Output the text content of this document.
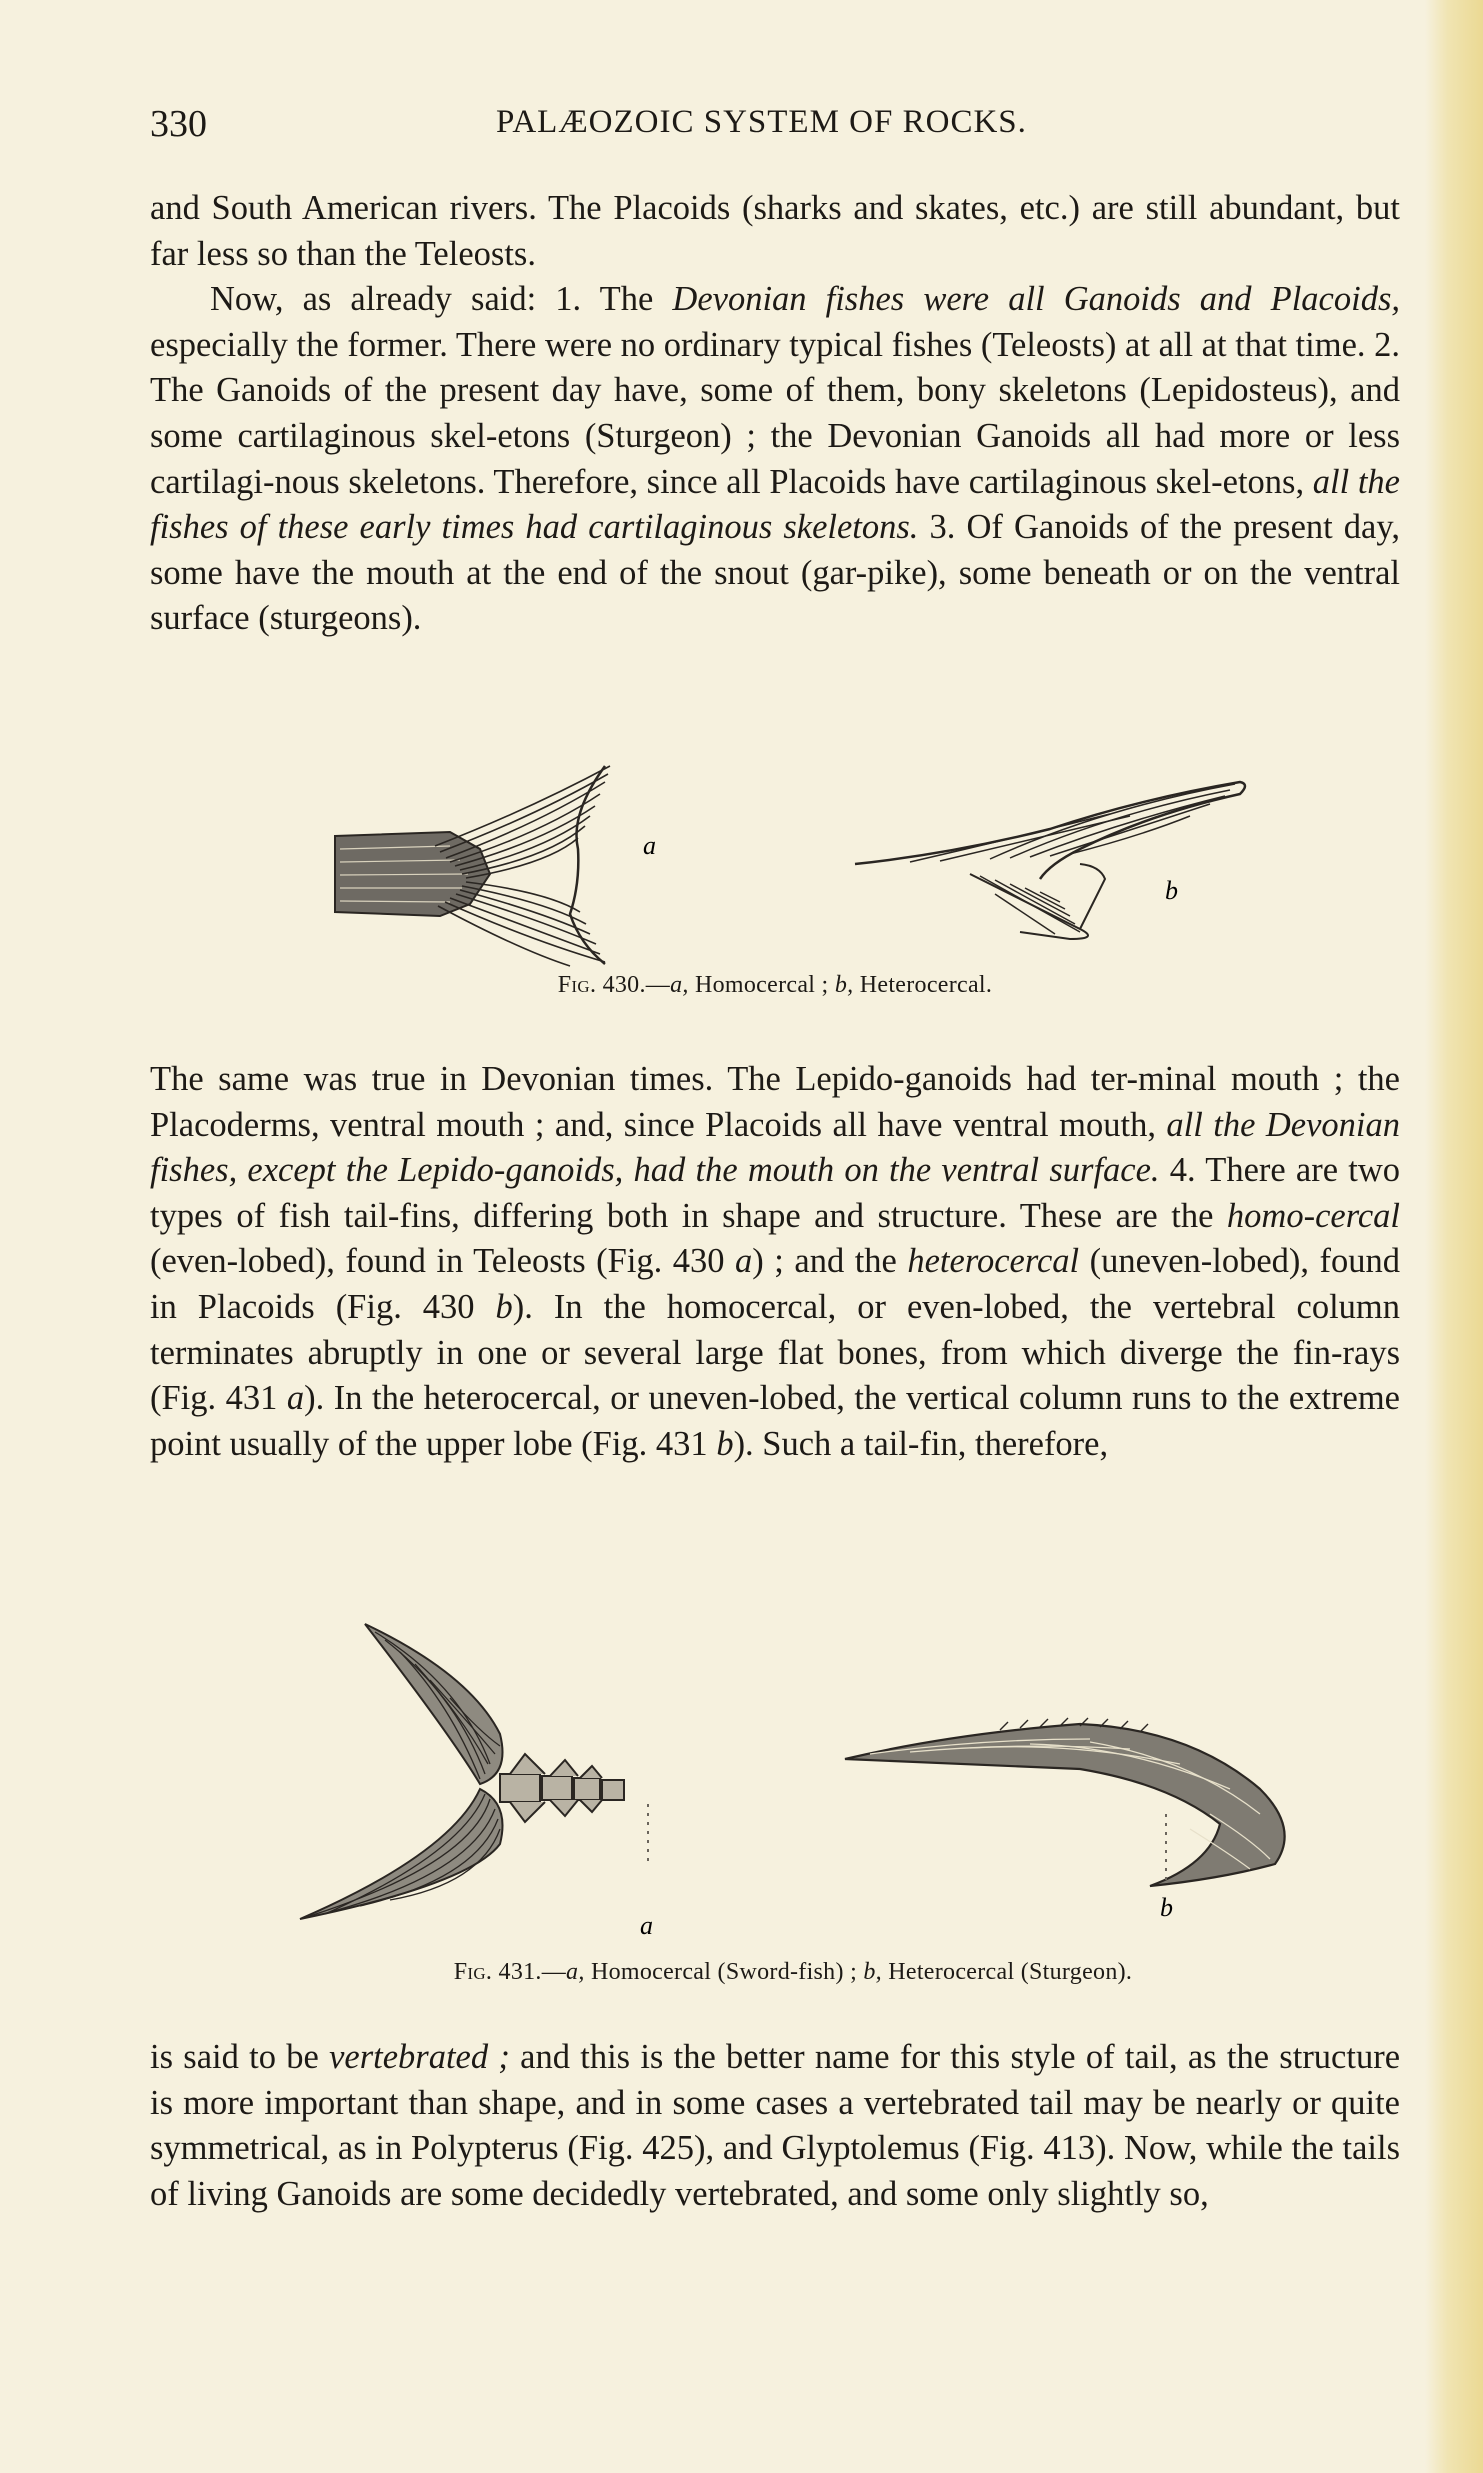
330	PALÆOZOIC SYSTEM OF ROCKS.

and South American rivers. The Placoids (sharks and skates, etc.) are still abundant, but far less so than the Teleosts.

Now, as already said: 1. The Devonian fishes were all Ganoids and Placoids, especially the former. There were no ordinary typical fishes (Teleosts) at all at that time. 2. The Ganoids of the present day have, some of them, bony skeletons (Lepidosteus), and some cartilaginous skel-etons (Sturgeon) ; the Devonian Ganoids all had more or less cartilagi-nous skeletons. Therefore, since all Placoids have cartilaginous skel-etons, all the fishes of these early times had cartilaginous skeletons. 3. Of Ganoids of the present day, some have the mouth at the end of the snout (gar-pike), some beneath or on the ventral surface (sturgeons).

a
b
Fig. 430.—a, Homocercal ; b, Heterocercal.

The same was true in Devonian times. The Lepido-ganoids had ter-minal mouth ; the Placoderms, ventral mouth ; and, since Placoids all have ventral mouth, all the Devonian fishes, except the Lepido-ganoids, had the mouth on the ventral surface. 4. There are two types of fish tail-fins, differing both in shape and structure. These are the homo-cercal (even-lobed), found in Teleosts (Fig. 430 a) ; and the heterocercal (uneven-lobed), found in Placoids (Fig. 430 b). In the homocercal, or even-lobed, the vertebral column terminates abruptly in one or several large flat bones, from which diverge the fin-rays (Fig. 431 a). In the heterocercal, or uneven-lobed, the vertical column runs to the extreme point usually of the upper lobe (Fig. 431 b). Such a tail-fin, therefore,

a
b
Fig. 431.—a, Homocercal (Sword-fish) ; b, Heterocercal (Sturgeon).

is said to be vertebrated ; and this is the better name for this style of tail, as the structure is more important than shape, and in some cases a vertebrated tail may be nearly or quite symmetrical, as in Polypterus (Fig. 425), and Glyptolemus (Fig. 413). Now, while the tails of living Ganoids are some decidedly vertebrated, and some only slightly so,
